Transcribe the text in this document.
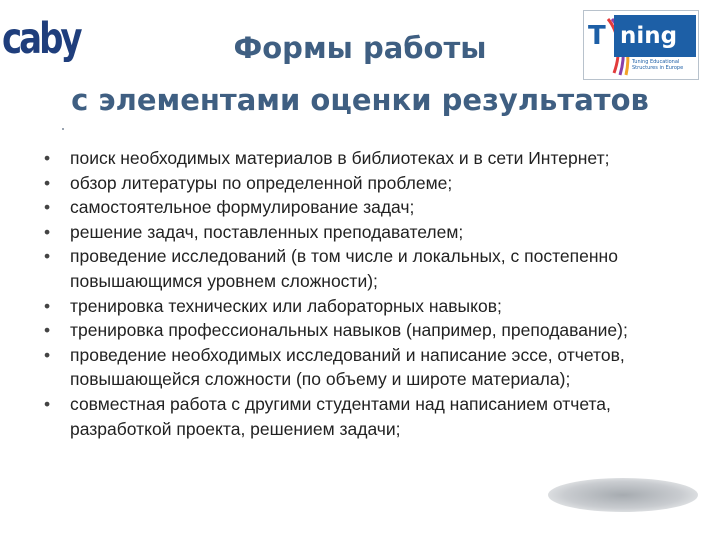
caby	Формы работы
с элементами оценки результатов
T ning
Tuning Educational Structures in Europe
• поиск необходимых материалов в библиотеках и в сети Интернет;
• обзор литературы по определенной проблеме;
• самостоятельное формулирование задач;
• решение задач, поставленных преподавателем;
• проведение исследований (в том числе и локальных, с постепенно повышающимся уровнем сложности);
• тренировка технических или лабораторных навыков;
• тренировка профессиональных навыков (например, преподавание);
• проведение необходимых исследований и написание эссе, отчетов, повышающейся сложности (по объему и широте материала);
• совместная работа с другими студентами над написанием отчета, разработкой проекта, решением задачи;
